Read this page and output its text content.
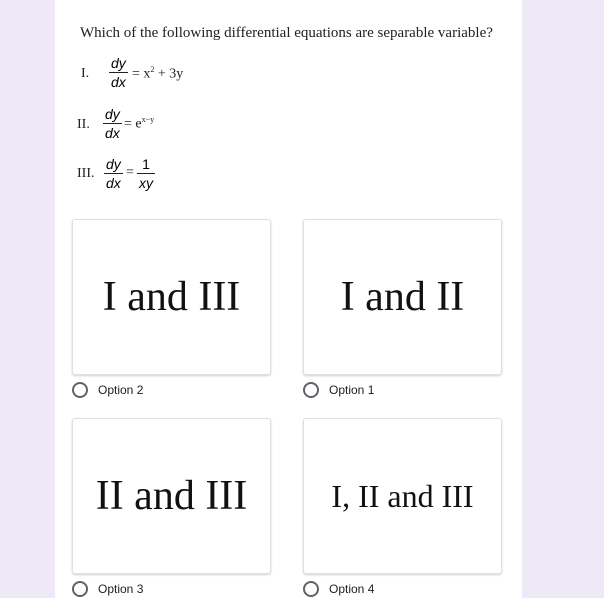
Which of the following differential equations are separable variable?
I.
dy
dx = $x^2 + 3y$
II.
dy
dx
= $e^{x-y}$
III.
dy
dx
=
1
xy
I and III
Option 2
I and II
Option 1
II and III
Option 3
I, II and III
Option 4
